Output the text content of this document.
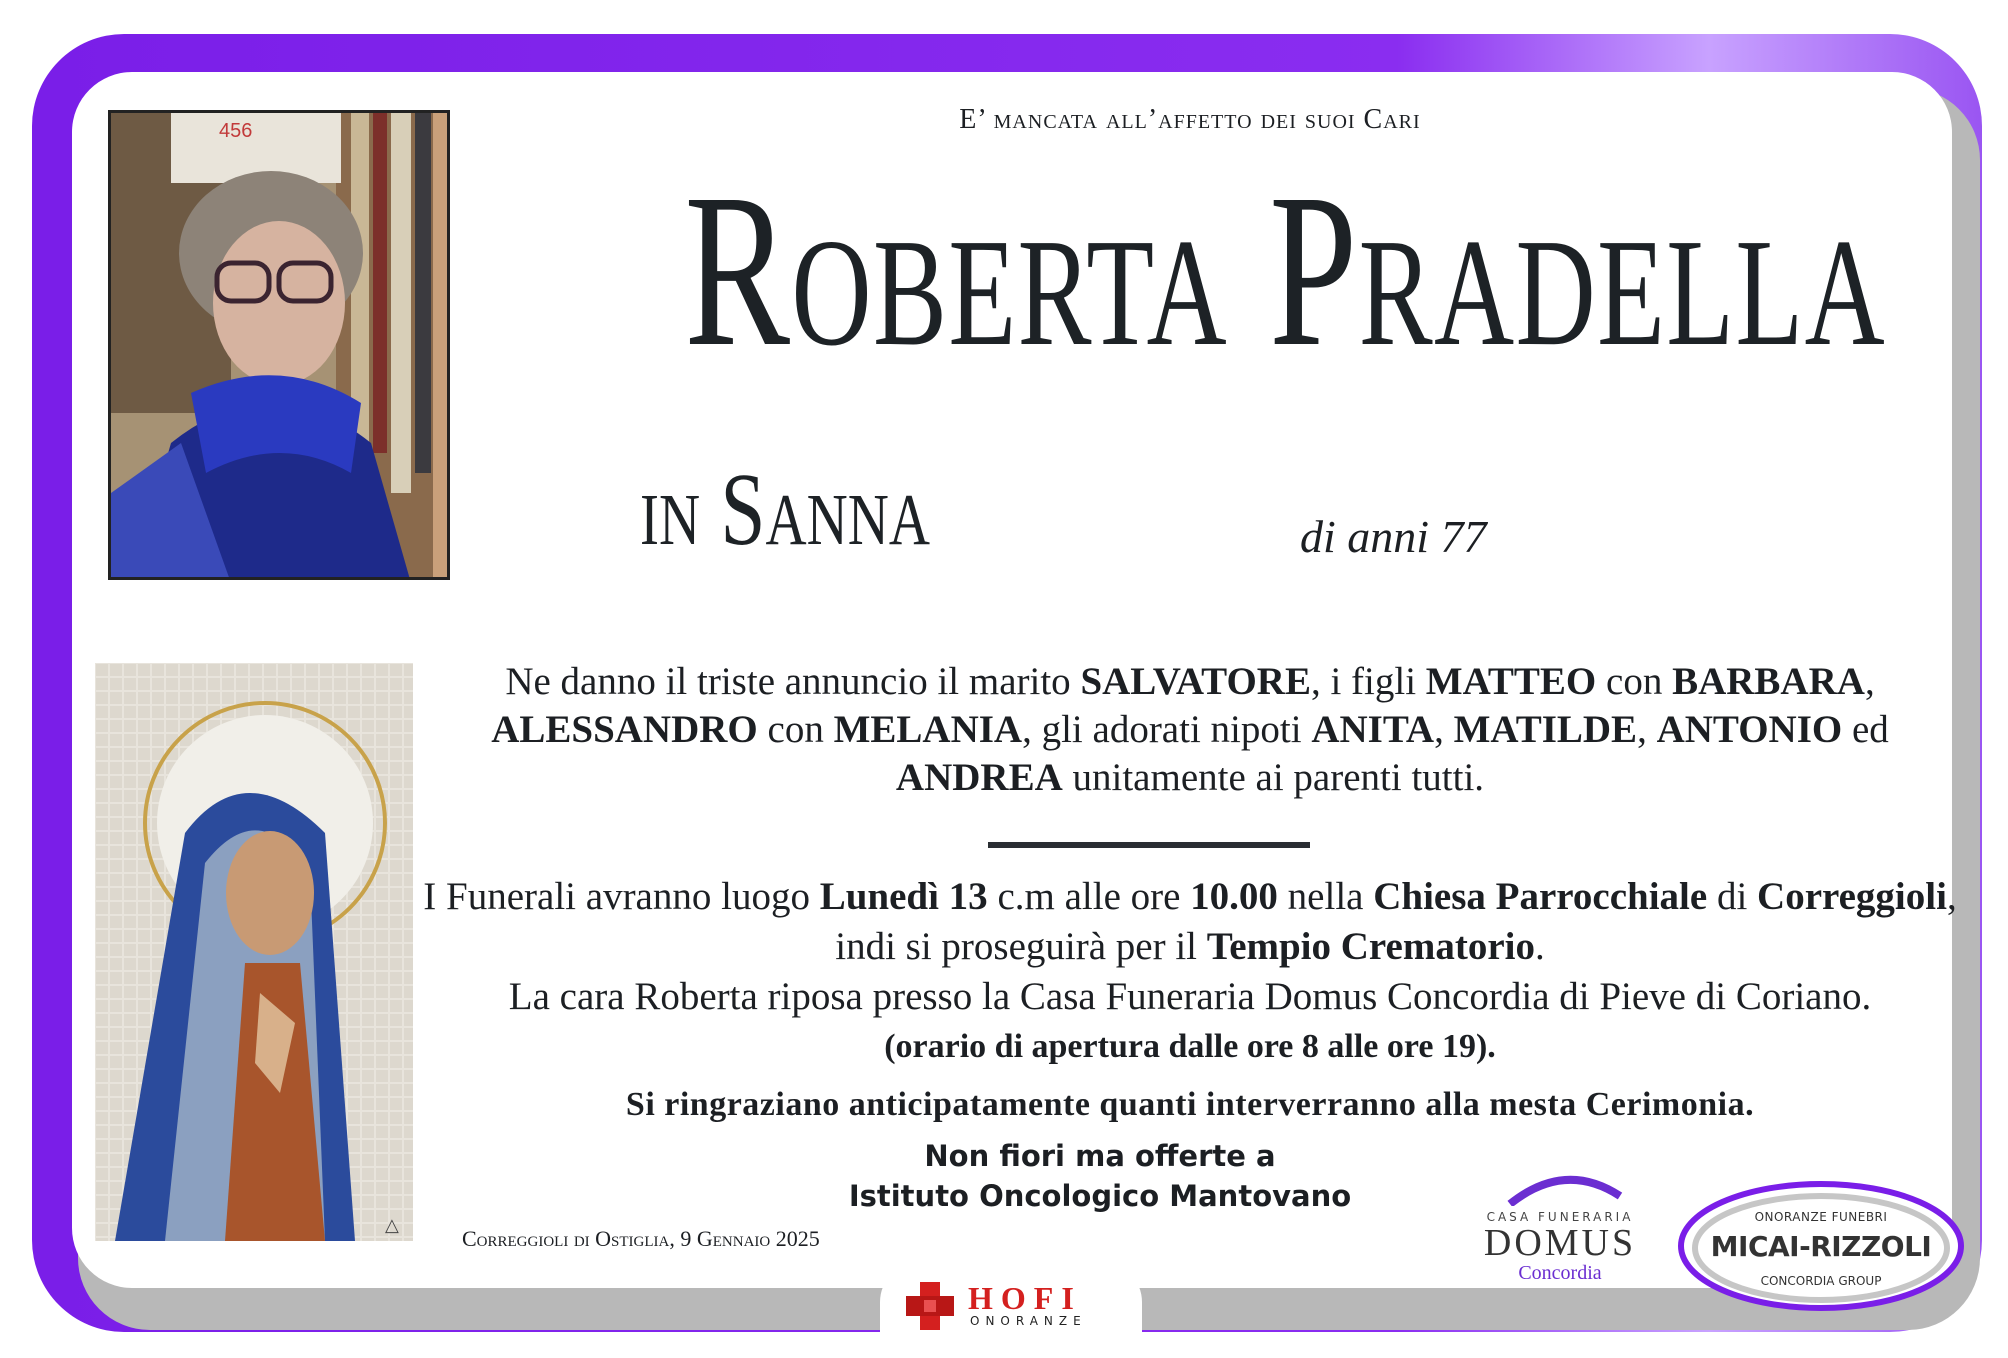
456	E’ mancata all’affetto dei suoi Cari
Roberta Pradella
in Sanna	di anni 77
△
Ne danno il triste annuncio il marito SALVATORE, i figli MATTEO con BARBARA, ALESSANDRO con MELANIA, gli adorati nipoti ANITA, MATILDE, ANTONIO ed ANDREA unitamente ai parenti tutti.
I Funerali avranno luogo Lunedì 13 c.m alle ore 10.00 nella Chiesa Parrocchiale di Correggioli,
indi si proseguirà per il Tempio Crematorio.
La cara Roberta riposa presso la Casa Funeraria Domus Concordia di Pieve di Coriano.
(orario di apertura dalle ore 8 alle ore 19).
Si ringraziano anticipatamente quanti interverranno alla mesta Cerimonia.
Non fiori ma offerte a
Istituto Oncologico Mantovano
Correggioli di Ostiglia, 9 Gennaio 2025
CASA FUNERARIA
DOMUS
Concordia
ONORANZE FUNEBRI
MICAI-RIZZOLI
CONCORDIA GROUP
HOFI
ONORANZE
